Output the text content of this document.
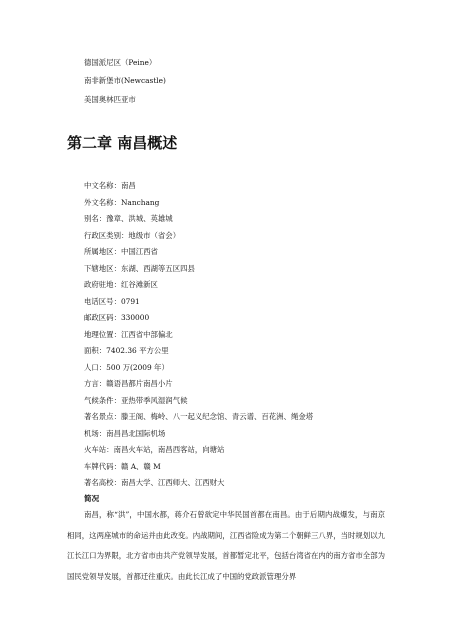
德国派尼区（Peine）
南非新堡市(Newcastle)
美国奥林匹亚市
第二章 南昌概述
中文名称：南昌
外文名称：Nanchang
别名：豫章、洪城、英雄城
行政区类别：地级市（省会）
所属地区：中国江西省
下辖地区：东湖、西湖等五区四县
政府驻地：红谷滩新区
电话区号：0791
邮政区码：330000
地理位置：江西省中部偏北
面积：7402.36 平方公里
人口：500 万(2009 年）
方言：赣语昌都片南昌小片
气候条件：亚热带季风湿润气候
著名景点：滕王阁、梅岭、八一起义纪念馆、青云谱、百花洲、绳金塔
机场：南昌昌北国际机场
火车站：南昌火车站，南昌西客站，向塘站
车牌代码：赣 A、赣 M
著名高校：南昌大学、江西师大、江西财大
简况
南昌，称“洪”，中国水都，蒋介石曾欲定中华民国首都在南昌。由于后期内战爆发，与南京相同，这两座城市的命运并由此改变。内战期间，江西省险成为第二个朝鲜三八界，当时规划以九江长江口为界限，北方省市由共产党领导发展，首都暂定北平，包括台湾省在内的南方省市全部为国民党领导发展，首都迁往重庆。由此长江成了中国的党政派管理分界
